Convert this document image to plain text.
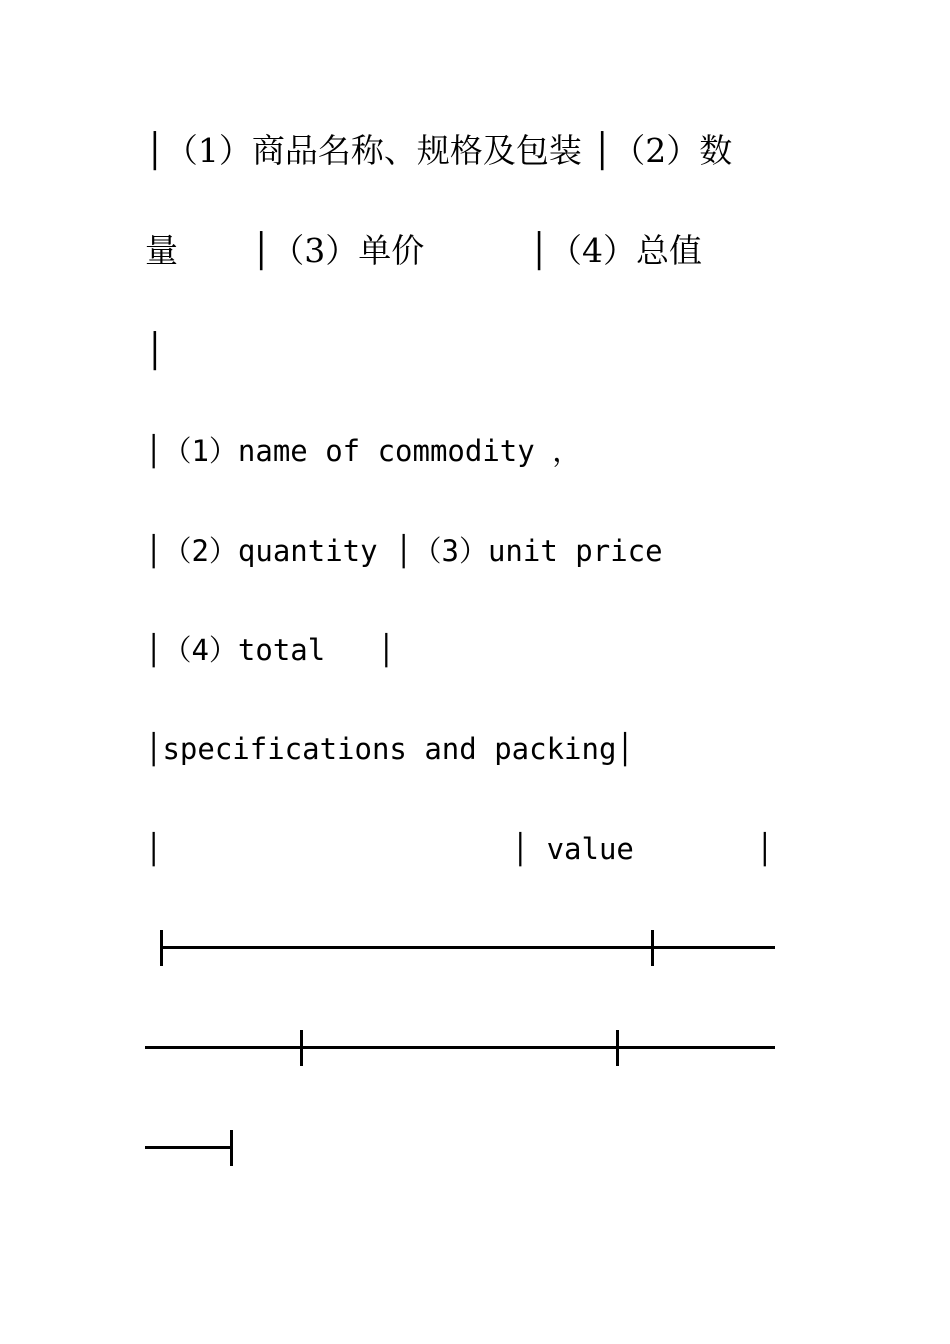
│（1）商品名称、规格及包装 │（2）数
量       │（3）单价          │（4）总值
│
│（1）name of commodity ，
│（2）quantity │（3）unit price
│（4）total   │
│specifications and packing│
│                    │ value       │
